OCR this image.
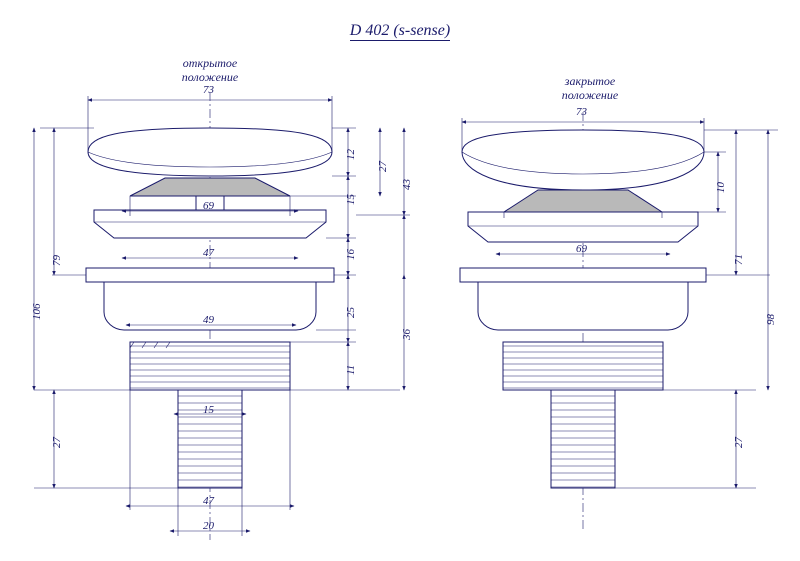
D 402 (s-sense)
открытое
положение	закрытое
положение
73
69
47
49
15
47
20
12
15
16
25
11
27
43
36
79
106
27
73
69
10
71
98
27
